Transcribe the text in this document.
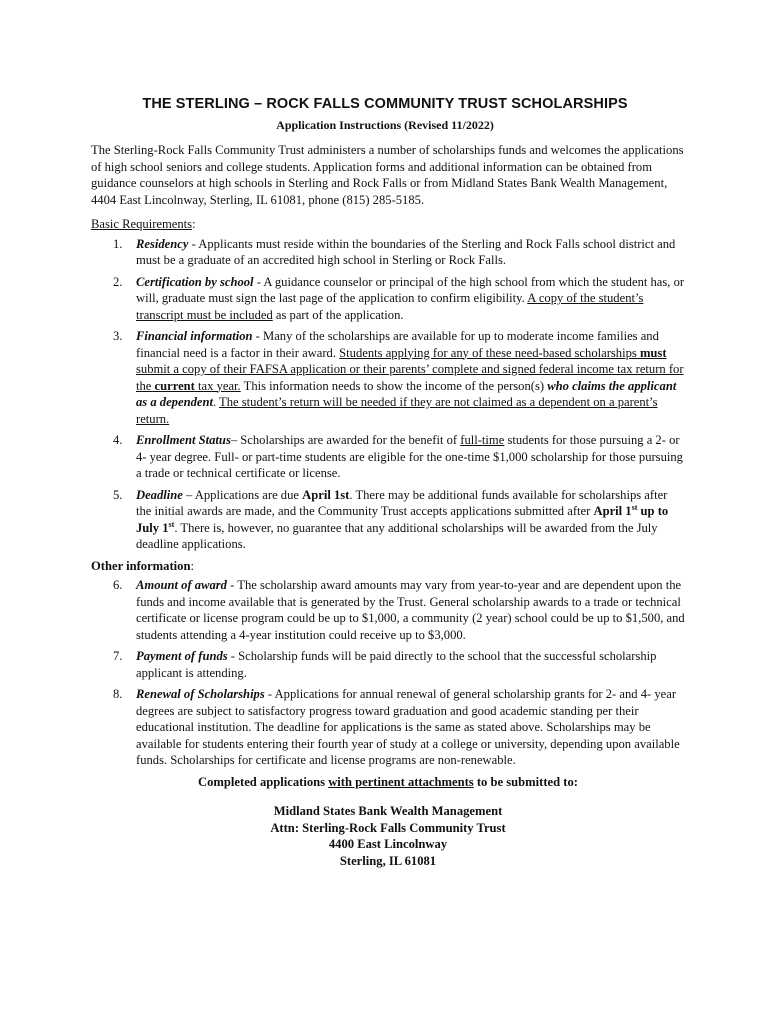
THE STERLING – ROCK FALLS COMMUNITY TRUST SCHOLARSHIPS
Application Instructions (Revised 11/2022)

The Sterling-Rock Falls Community Trust administers a number of scholarships funds and welcomes the applications of high school seniors and college students. Application forms and additional information can be obtained from guidance counselors at high schools in Sterling and Rock Falls or from Midland States Bank Wealth Management, 4404 East Lincolnway, Sterling, IL 61081, phone (815) 285-5185.

Basic Requirements:

1. Residency - Applicants must reside within the boundaries of the Sterling and Rock Falls school district and must be a graduate of an accredited high school in Sterling or Rock Falls.
2. Certification by school - A guidance counselor or principal of the high school from which the student has, or will, graduate must sign the last page of the application to confirm eligibility. A copy of the student’s transcript must be included as part of the application.
3. Financial information - Many of the scholarships are available for up to moderate income families and financial need is a factor in their award. Students applying for any of these need-based scholarships must submit a copy of their FAFSA application or their parents’ complete and signed federal income tax return for the current tax year. This information needs to show the income of the person(s) who claims the applicant as a dependent. The student’s return will be needed if they are not claimed as a dependent on a parent’s return.
4. Enrollment Status– Scholarships are awarded for the benefit of full-time students for those pursuing a 2- or 4- year degree. Full- or part-time students are eligible for the one-time $1,000 scholarship for those pursuing a trade or technical certificate or license.
5. Deadline – Applications are due April 1st. There may be additional funds available for scholarships after the initial awards are made, and the Community Trust accepts applications submitted after April 1st up to July 1st. There is, however, no guarantee that any additional scholarships will be awarded from the July deadline applications.

Other information:

6. Amount of award - The scholarship award amounts may vary from year-to-year and are dependent upon the funds and income available that is generated by the Trust. General scholarship awards to a trade or technical certificate or license program could be up to $1,000, a community (2 year) school could be up to $1,500, and students attending a 4-year institution could receive up to $3,000.
7. Payment of funds - Scholarship funds will be paid directly to the school that the successful scholarship applicant is attending.
8. Renewal of Scholarships - Applications for annual renewal of general scholarship grants for 2- and 4- year degrees are subject to satisfactory progress toward graduation and good academic standing per their educational institution. The deadline for applications is the same as stated above. Scholarships may be available for students entering their fourth year of study at a college or university, depending upon available funds. Scholarships for certificate and license programs are non-renewable.

Completed applications with pertinent attachments to be submitted to:

Midland States Bank Wealth Management
Attn: Sterling-Rock Falls Community Trust
4400 East Lincolnway
Sterling, IL 61081
